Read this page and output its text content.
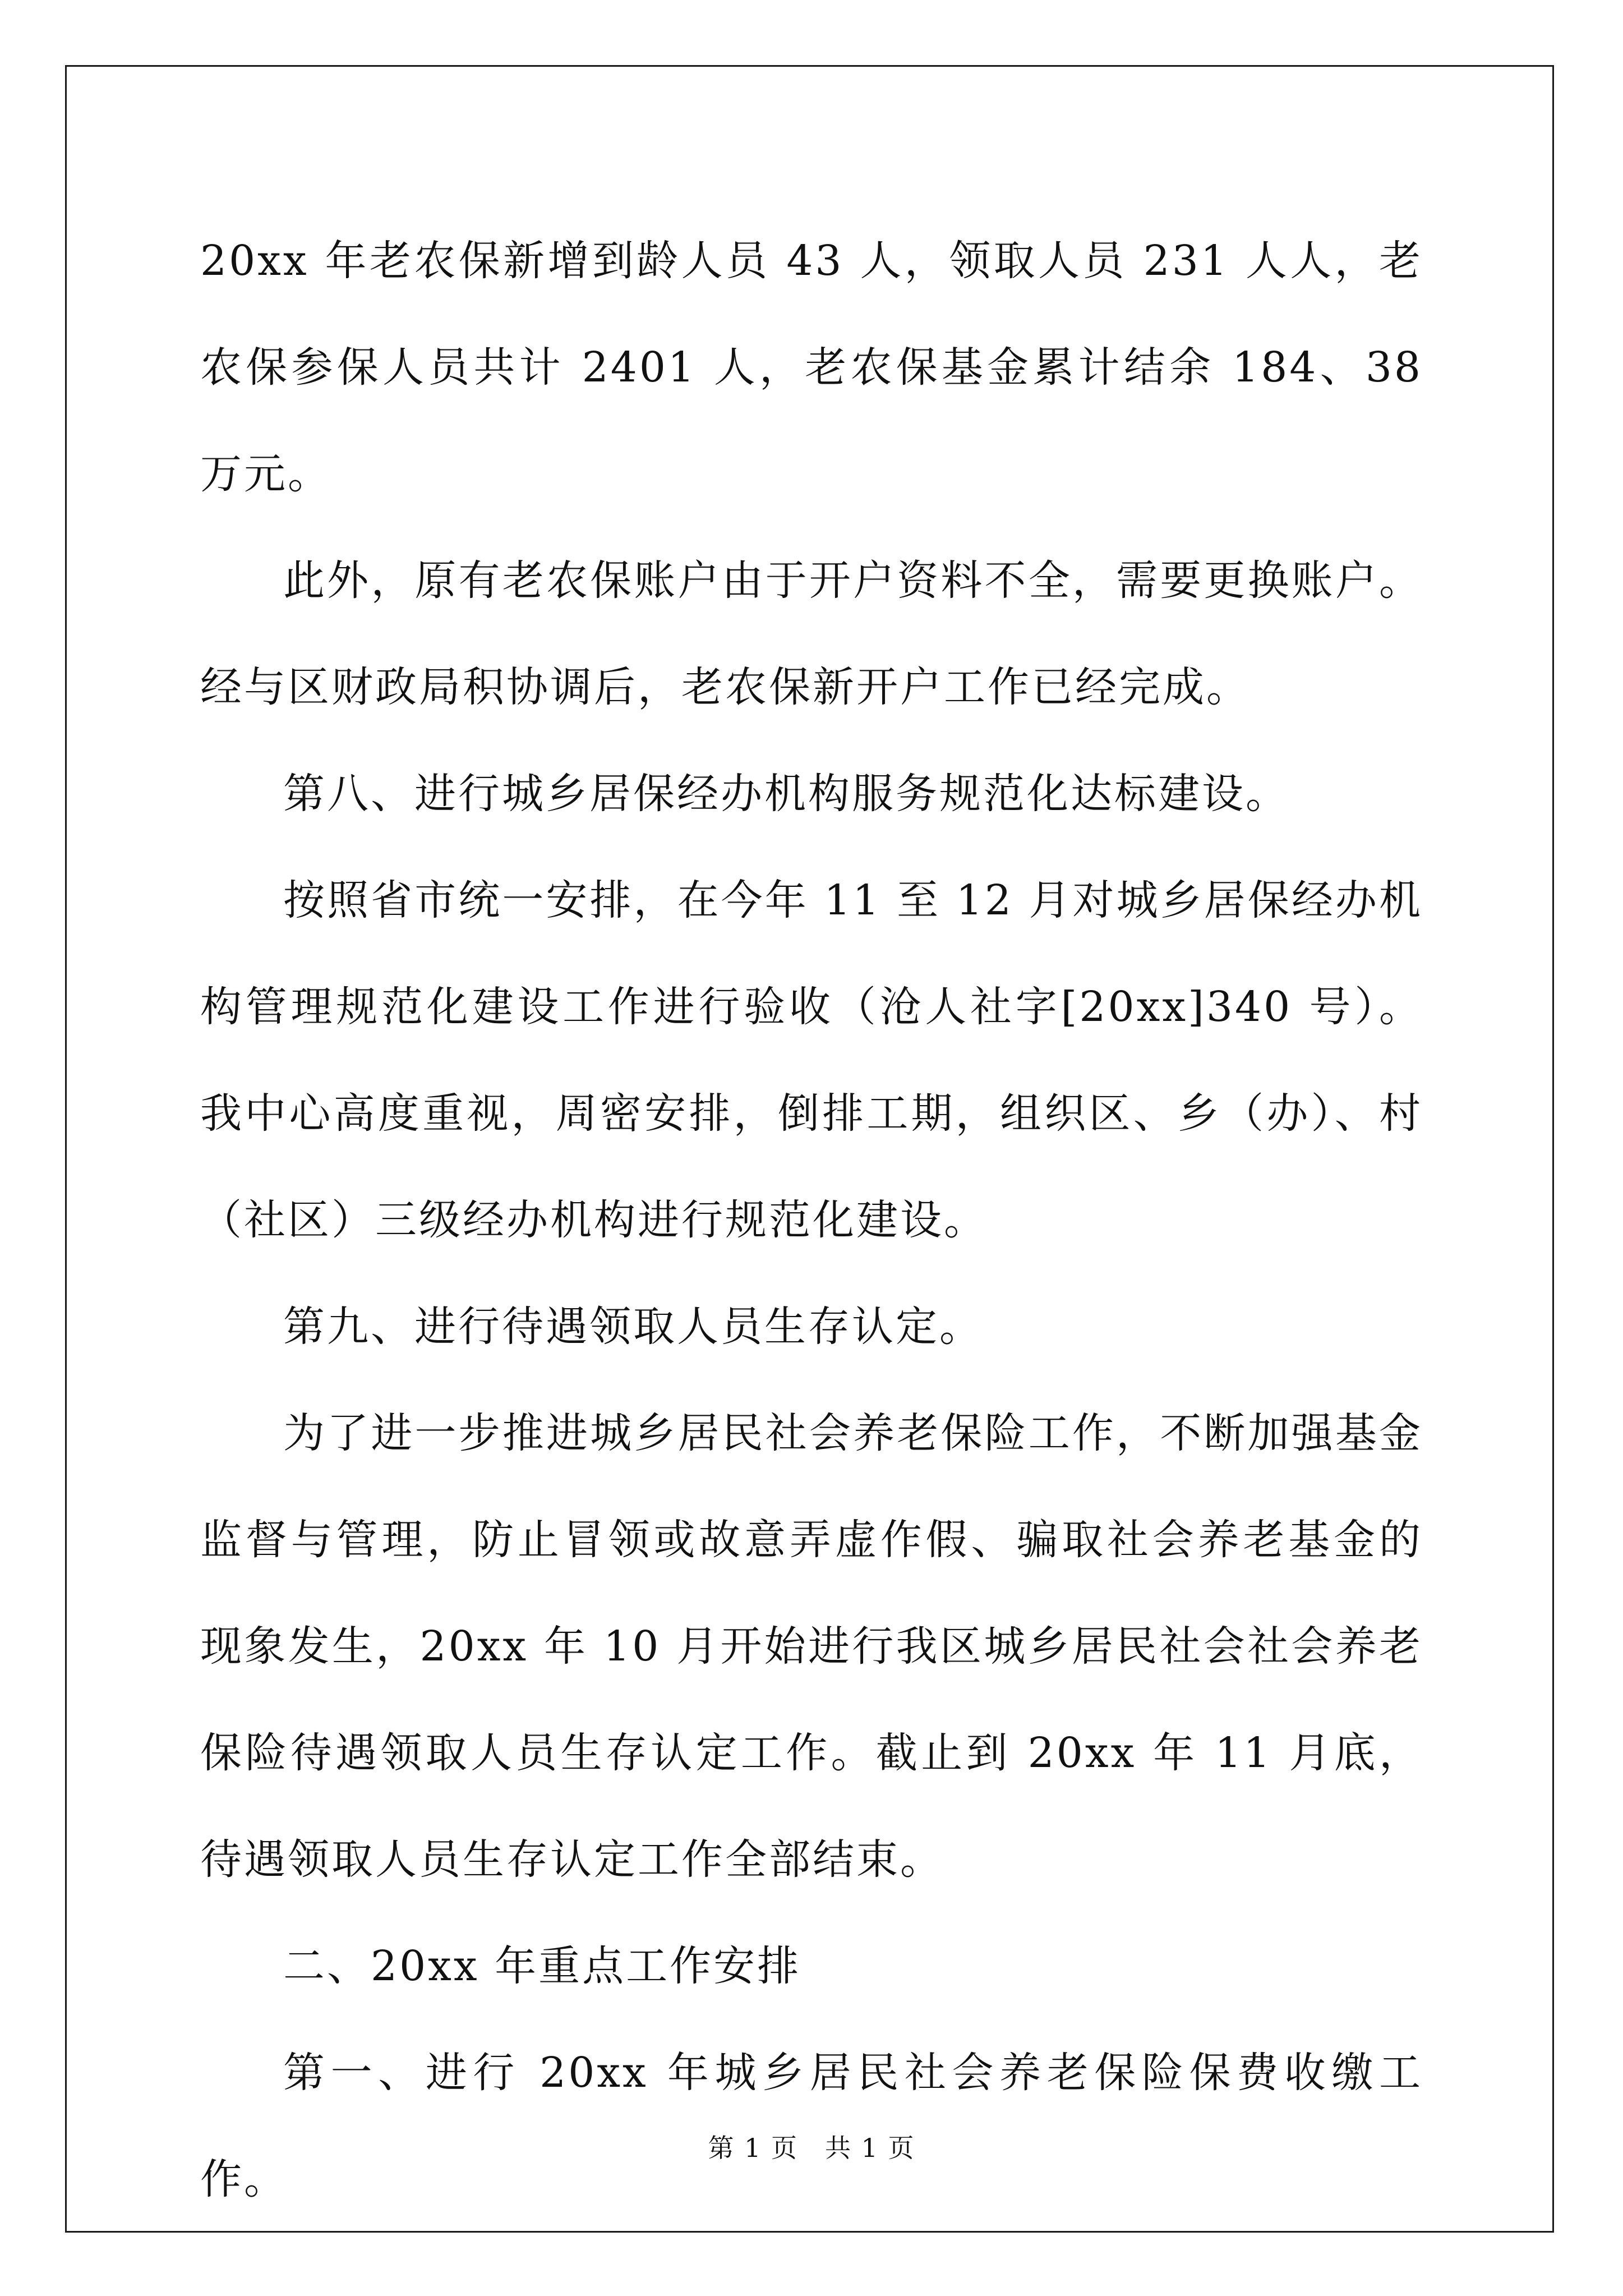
20xx 年老农保新增到龄人员 43 人，领取人员 231 人人，老农保参保人员共计 2401 人，老农保基金累计结余 184、38 万元。

此外，原有老农保账户由于开户资料不全，需要更换账户。经与区财政局积协调后，老农保新开户工作已经完成。

第八、进行城乡居保经办机构服务规范化达标建设。

按照省市统一安排，在今年 11 至 12 月对城乡居保经办机构管理规范化建设工作进行验收（沧人社字[20xx]340 号）。我中心高度重视，周密安排，倒排工期，组织区、乡（办）、村（社区）三级经办机构进行规范化建设。

第九、进行待遇领取人员生存认定。

为了进一步推进城乡居民社会养老保险工作，不断加强基金监督与管理，防止冒领或故意弄虚作假、骗取社会养老基金的现象发生，20xx 年 10 月开始进行我区城乡居民社会社会养老保险待遇领取人员生存认定工作。截止到 20xx 年 11 月底，待遇领取人员生存认定工作全部结束。

二、20xx 年重点工作安排

第一、进行 20xx 年城乡居民社会养老保险保费收缴工作。

第 1 页　共 1 页
